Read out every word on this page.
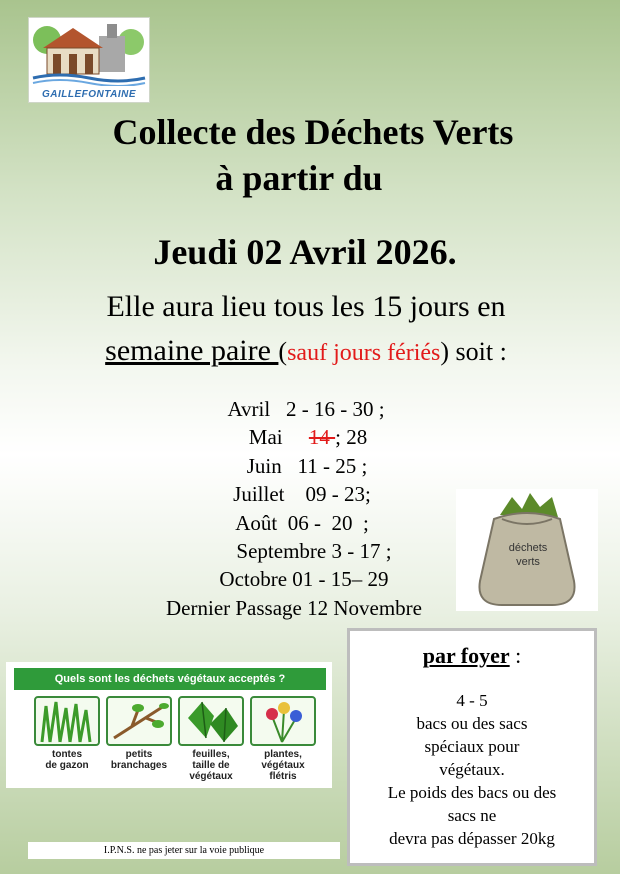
GAILLEFONTAINE
Collecte des Déchets Verts
à partir du
Jeudi 02 Avril 2026.
Elle aura lieu tous les 15 jours en
semaine paire (sauf jours fériés) soit :
Avril   2 - 16 - 30 ;
Mai     14 ; 28
Juin   11 - 25 ;
Juillet    09 - 23;
Août  06 -  20  ;
Septembre 3 - 17 ;
Octobre 01 - 15– 29
Dernier Passage 12 Novembre
déchets
verts
Quels sont les déchets végétaux acceptés ?
tontes
de gazon
petits
branchages
feuilles,
taille de
végétaux
plantes,
végétaux
flétris
par foyer :
4 - 5
bacs ou des sacs
spéciaux pour
végétaux.
Le poids des bacs ou des
sacs ne
devra pas dépasser 20kg
I.P.N.S. ne pas jeter sur la voie publique
